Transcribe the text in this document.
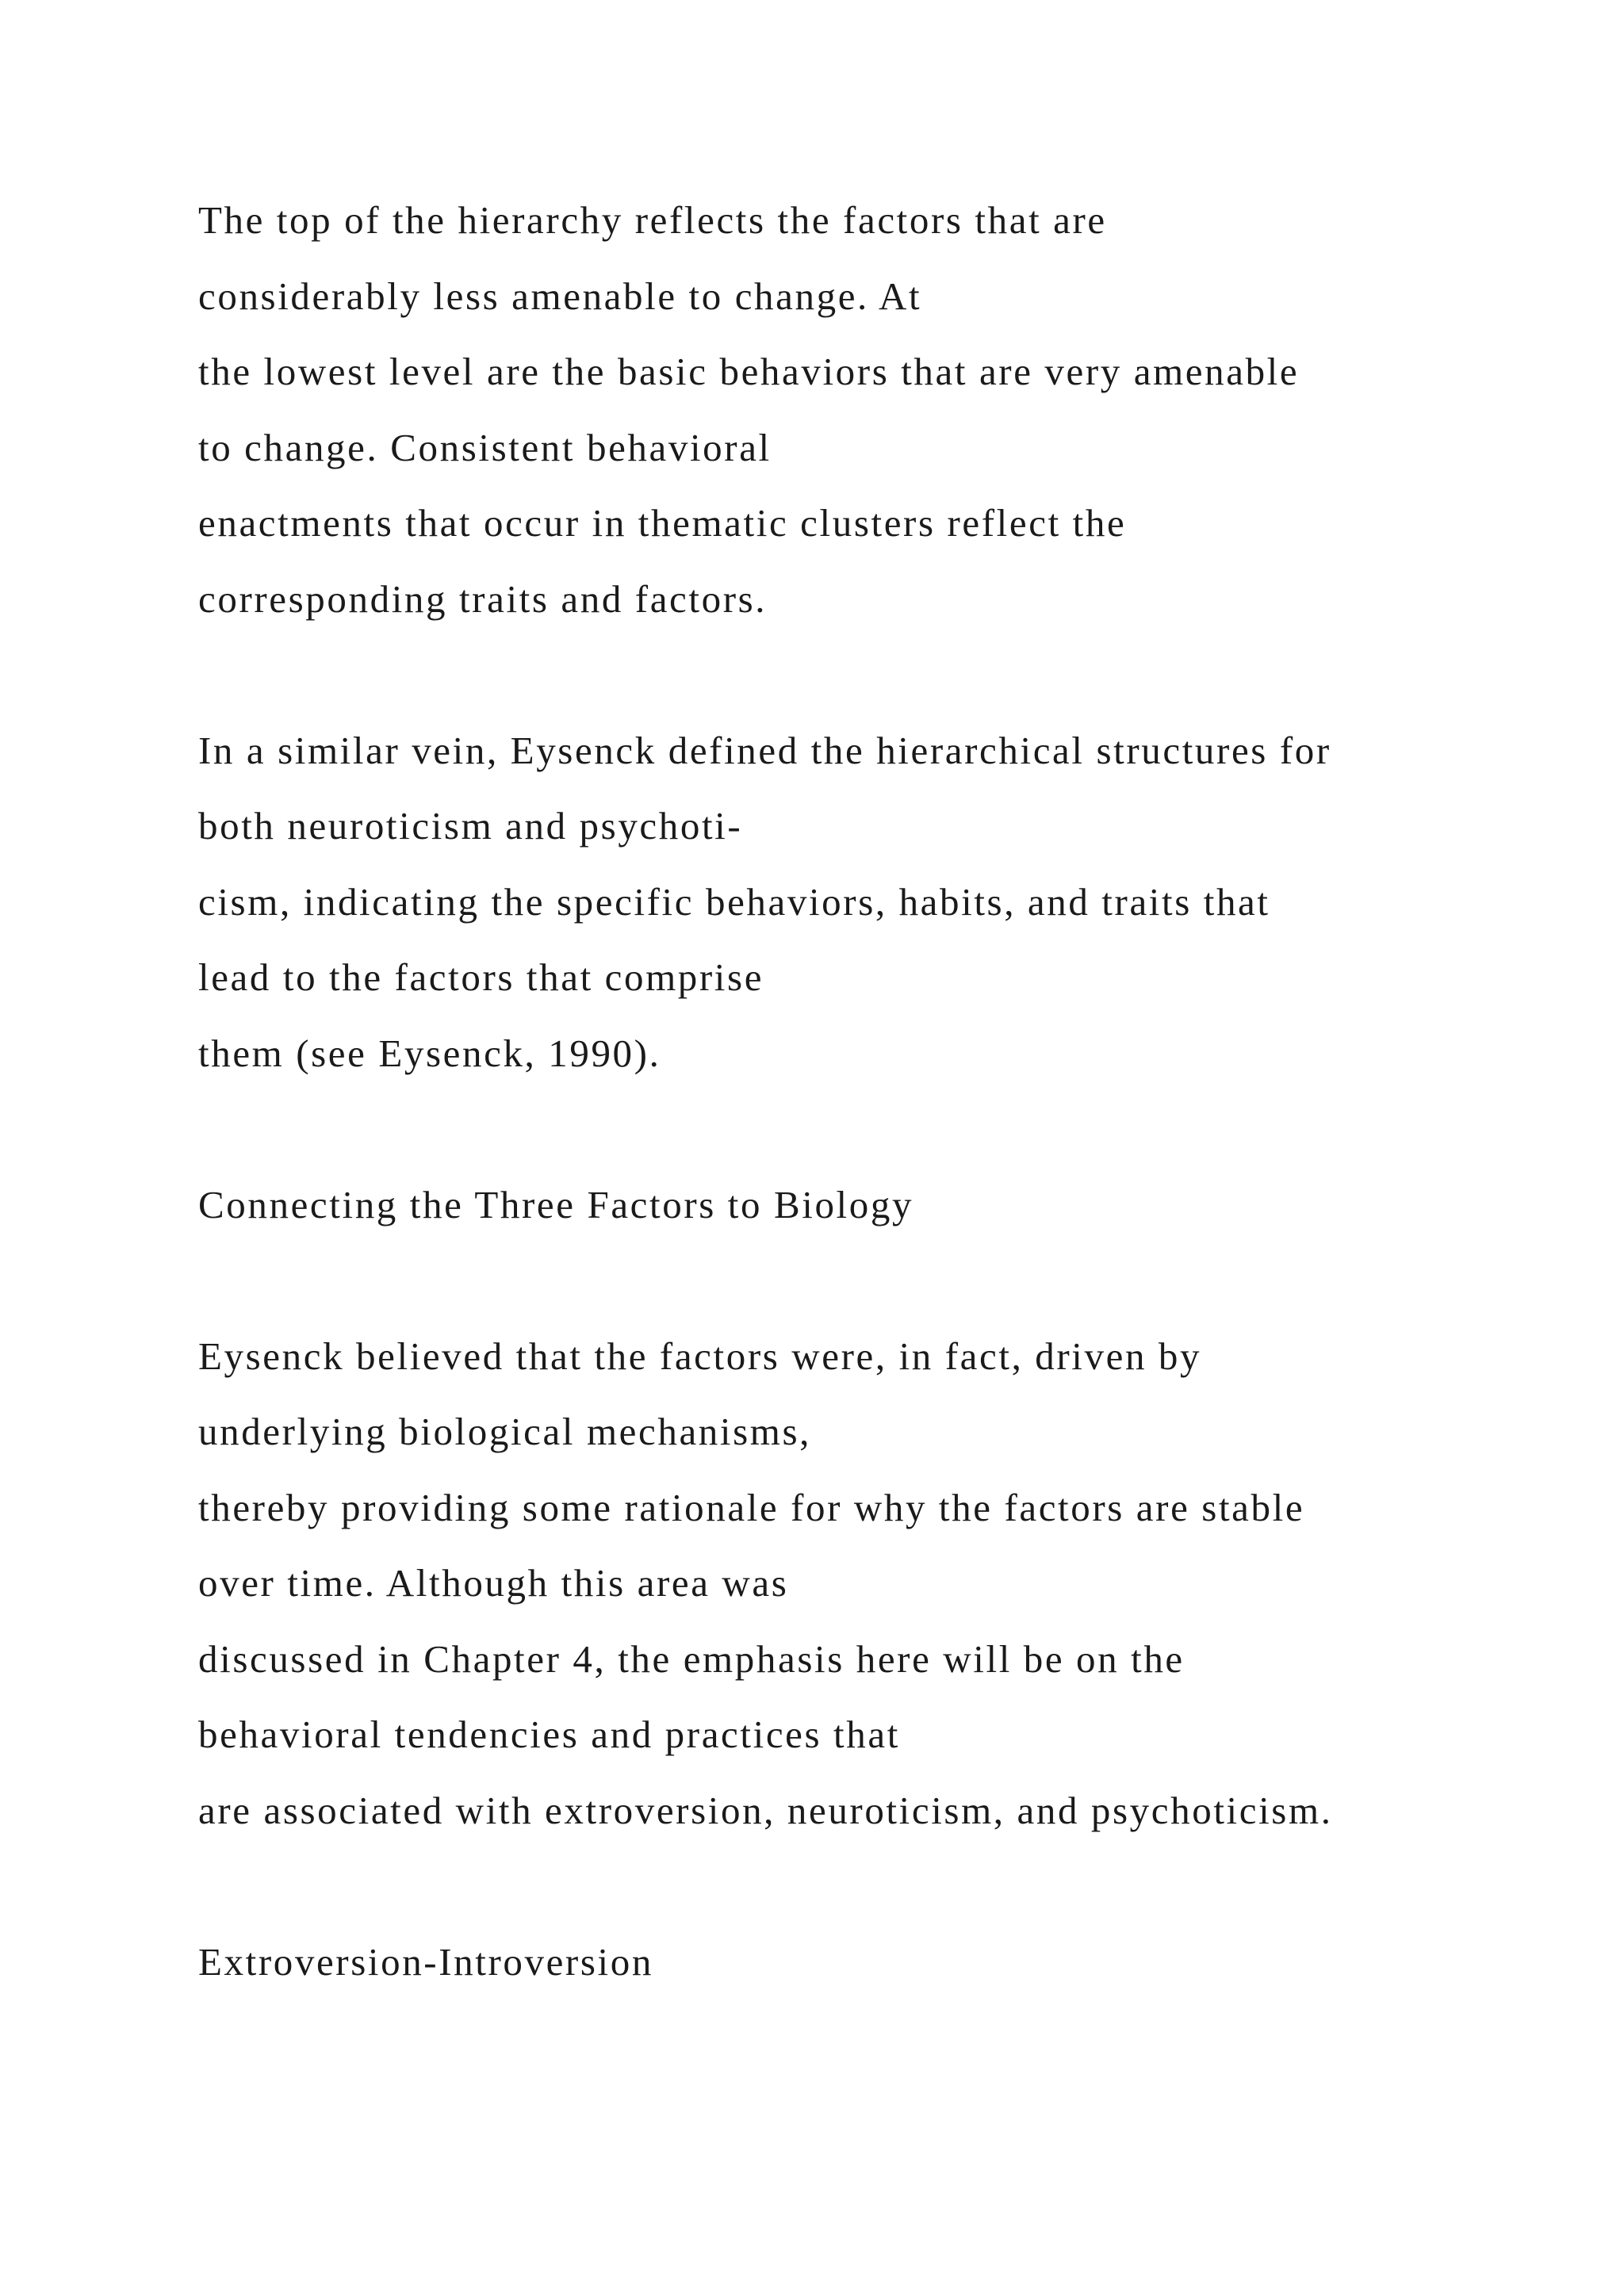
The top of the hierarchy reflects the factors that are
considerably less amenable to change. At
the lowest level are the basic behaviors that are very amenable
to change. Consistent behavioral
enactments that occur in thematic clusters reflect the
corresponding traits and factors.
In a similar vein, Eysenck defined the hierarchical structures for
both neuroticism and psychoti-
cism, indicating the specific behaviors, habits, and traits that
lead to the factors that comprise
them (see Eysenck, 1990).
Connecting the Three Factors to Biology
Eysenck believed that the factors were, in fact, driven by
underlying biological mechanisms,
thereby providing some rationale for why the factors are stable
over time. Although this area was
discussed in Chapter 4, the emphasis here will be on the
behavioral tendencies and practices that
are associated with extroversion, neuroticism, and psychoticism.
Extroversion-Introversion
